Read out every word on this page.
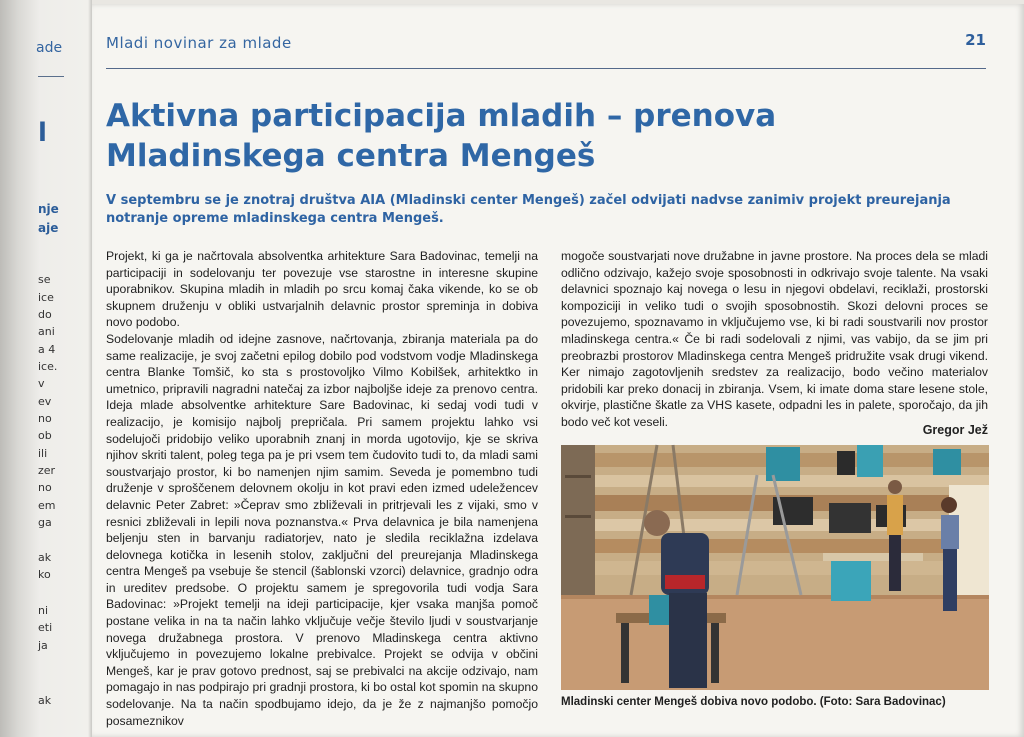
ade
l
nje
aje
se
ice
do
ani
a 4
ice.
v
ev
no
ob
ili
zer
no
em
ga
ak
ko
ni
eti
ja
ak
Mladi novinar za mlade	21
Aktivna participacija mladih – prenova Mladinskega centra Mengeš

V septembru se je znotraj društva AIA (Mladinski center Mengeš) začel odvijati nadvse zanimiv projekt preurejanja notranje opreme mladinskega centra Mengeš.

Projekt, ki ga je načrtovala absolventka arhitekture Sara Badovinac, temelji na participaciji in sodelovanju ter povezuje vse starostne in interesne skupine uporabnikov. Skupina mladih in mladih po srcu komaj čaka vikende, ko se ob skupnem druženju v obliki ustvarjalnih delavnic prostor spreminja in dobiva novo podobo.

Sodelovanje mladih od idejne zasnove, načrtovanja, zbiranja materiala pa do same realizacije, je svoj začetni epilog dobilo pod vodstvom vodje Mladinskega centra Blanke Tomšič, ko sta s prostovoljko Vilmo Kobilšek, arhitektko in umetnico, pripravili nagradni natečaj za izbor najboljše ideje za prenovo centra. Ideja mlade absolventke arhitekture Sare Badovinac, ki sedaj vodi tudi v realizacijo, je komisijo najbolj prepričala. Pri samem projektu lahko vsi sodelujoči pridobijo veliko uporabnih znanj in morda ugotovijo, kje se skriva njihov skriti talent, poleg tega pa je pri vsem tem čudovito tudi to, da mladi sami soustvarjajo prostor, ki bo namenjen njim samim. Seveda je pomembno tudi druženje v sproščenem delovnem okolju in kot pravi eden izmed udeležencev delavnic Peter Zabret: »Čeprav smo zbliževali in pritrjevali les z vijaki, smo v resnici zbliževali in lepili nova poznanstva.« Prva delavnica je bila namenjena beljenju sten in barvanju radiatorjev, nato je sledila reciklažna izdelava delovnega kotička in lesenih stolov, zaključni del preurejanja Mladinskega centra Mengeš pa vsebuje še stencil (šablonski vzorci) delavnice, gradnjo odra in ureditev predsobe. O projektu samem je spregovorila tudi vodja Sara Badovinac: »Projekt temelji na ideji participacije, kjer vsaka manjša pomoč postane velika in na ta način lahko vključuje večje število ljudi v soustvarjanje novega družabnega prostora. V prenovo Mladinskega centra aktivno vključujemo in povezujemo lokalne prebivalce. Projekt se odvija v občini Mengeš, kar je prav gotovo prednost, saj se prebivalci na akcije odzivajo, nam pomagajo in nas podpirajo pri gradnji prostora, ki bo ostal kot spomin na skupno sodelovanje. Na ta način spodbujamo idejo, da je že z najmanjšo pomočjo posameznikov

mogoče soustvarjati nove družabne in javne prostore. Na proces dela se mladi odlično odzivajo, kažejo svoje sposobnosti in odkrivajo svoje talente. Na vsaki delavnici spoznajo kaj novega o lesu in njegovi obdelavi, reciklaži, prostorski kompoziciji in veliko tudi o svojih sposobnostih. Skozi delovni proces se povezujemo, spoznavamo in vključujemo vse, ki bi radi soustvarili nov prostor mladinskega centra.« Če bi radi sodelovali z njimi, vas vabijo, da se jim pri preobrazbi prostorov Mladinskega centra Mengeš pridružite vsak drugi vikend. Ker nimajo zagotovljenih sredstev za realizacijo, bodo večino materialov pridobili kar preko donacij in zbiranja. Vsem, ki imate doma stare lesene stole, okvirje, plastične škatle za VHS kasete, odpadni les in palete, sporočajo, da jih bodo več kot veseli.

Gregor Jež
Mladinski center Mengeš dobiva novo podobo. (Foto: Sara Badovinac)
